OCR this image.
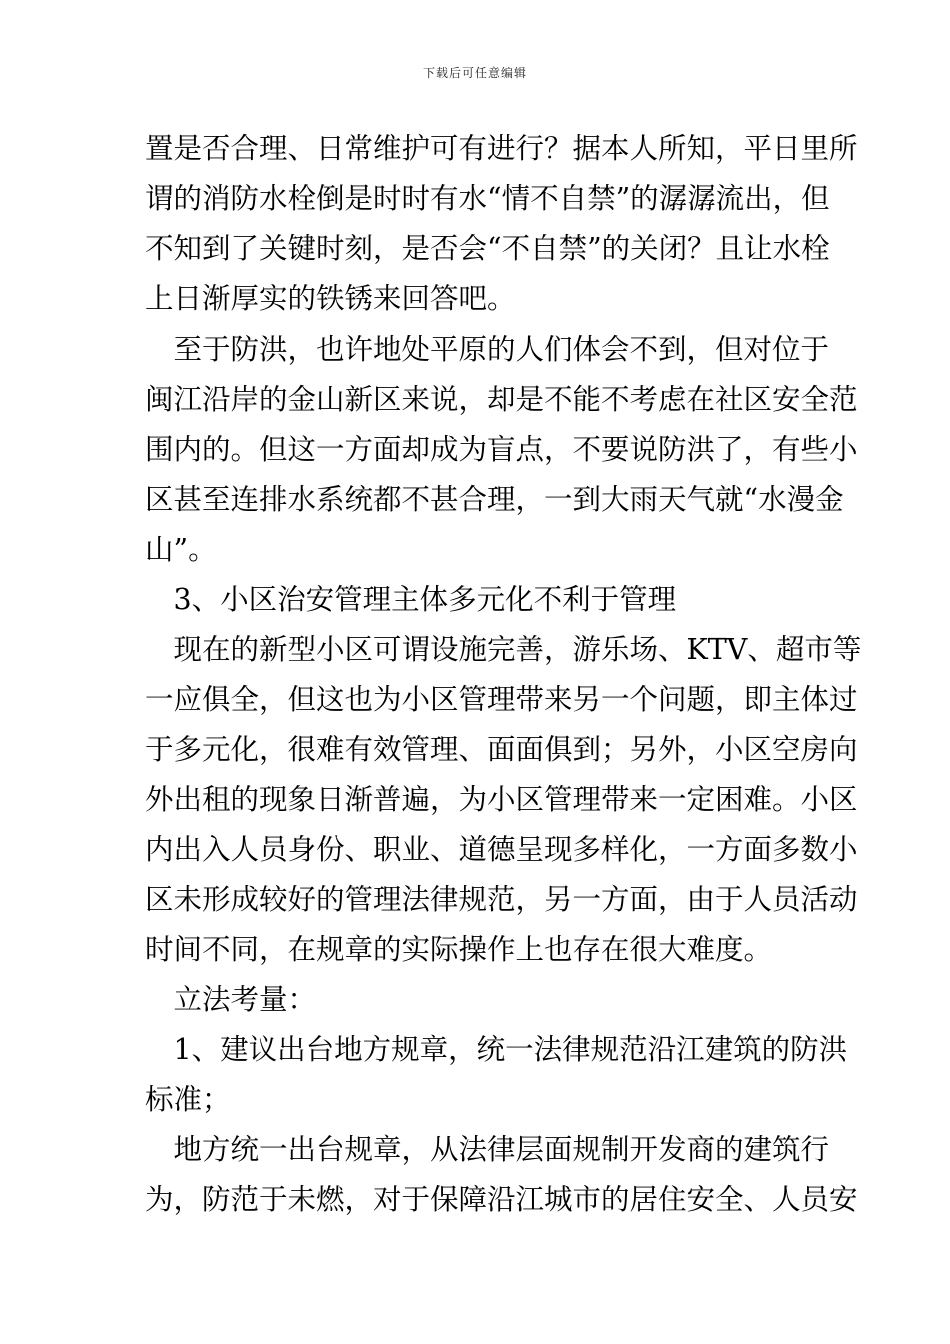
下载后可任意编辑
置是否合理、日常维护可有进行？据本人所知，平日里所
谓的消防水栓倒是时时有水“情不自禁”的潺潺流出，但
不知到了关键时刻，是否会“不自禁”的关闭？且让水栓
上日渐厚实的铁锈来回答吧。
　至于防洪，也许地处平原的人们体会不到，但对位于
闽江沿岸的金山新区来说，却是不能不考虑在社区安全范
围内的。但这一方面却成为盲点，不要说防洪了，有些小
区甚至连排水系统都不甚合理，一到大雨天气就“水漫金
山”。
　3、小区治安管理主体多元化不利于管理
　现在的新型小区可谓设施完善，游乐场、KTV、超市等
一应俱全，但这也为小区管理带来另一个问题，即主体过
于多元化，很难有效管理、面面俱到；另外，小区空房向
外出租的现象日渐普遍，为小区管理带来一定困难。小区
内出入人员身份、职业、道德呈现多样化，一方面多数小
区未形成较好的管理法律规范，另一方面，由于人员活动
时间不同，在规章的实际操作上也存在很大难度。
　立法考量：
　1、建议出台地方规章，统一法律规范沿江建筑的防洪
标准；
　地方统一出台规章，从法律层面规制开发商的建筑行
为，防范于未燃，对于保障沿江城市的居住安全、人员安
